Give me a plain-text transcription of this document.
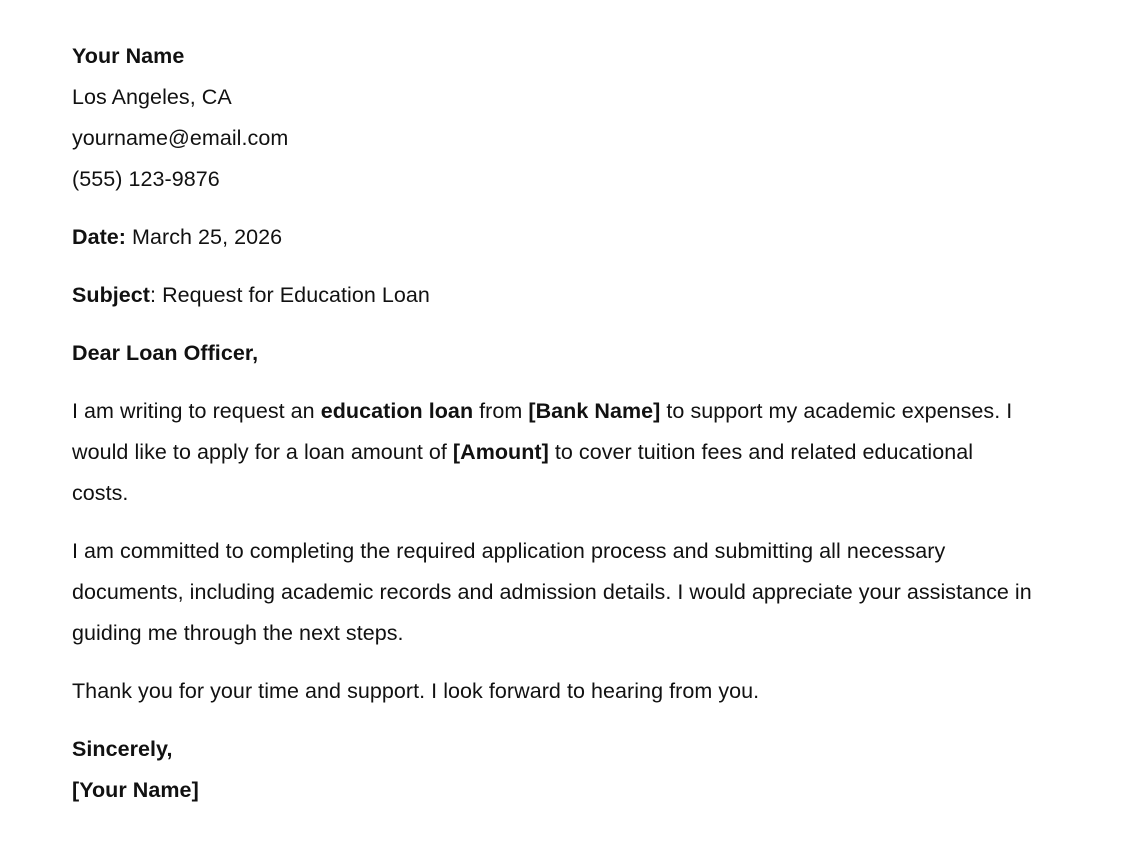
Your Name

Los Angeles, CA

yourname@email.com

(555) 123-9876

Date: March 25, 2026

Subject: Request for Education Loan

Dear Loan Officer,

I am writing to request an education loan from [Bank Name] to support my academic expenses. I would like to apply for a loan amount of [Amount] to cover tuition fees and related educational costs.

I am committed to completing the required application process and submitting all necessary documents, including academic records and admission details. I would appreciate your assistance in guiding me through the next steps.

Thank you for your time and support. I look forward to hearing from you.

Sincerely,

[Your Name]
